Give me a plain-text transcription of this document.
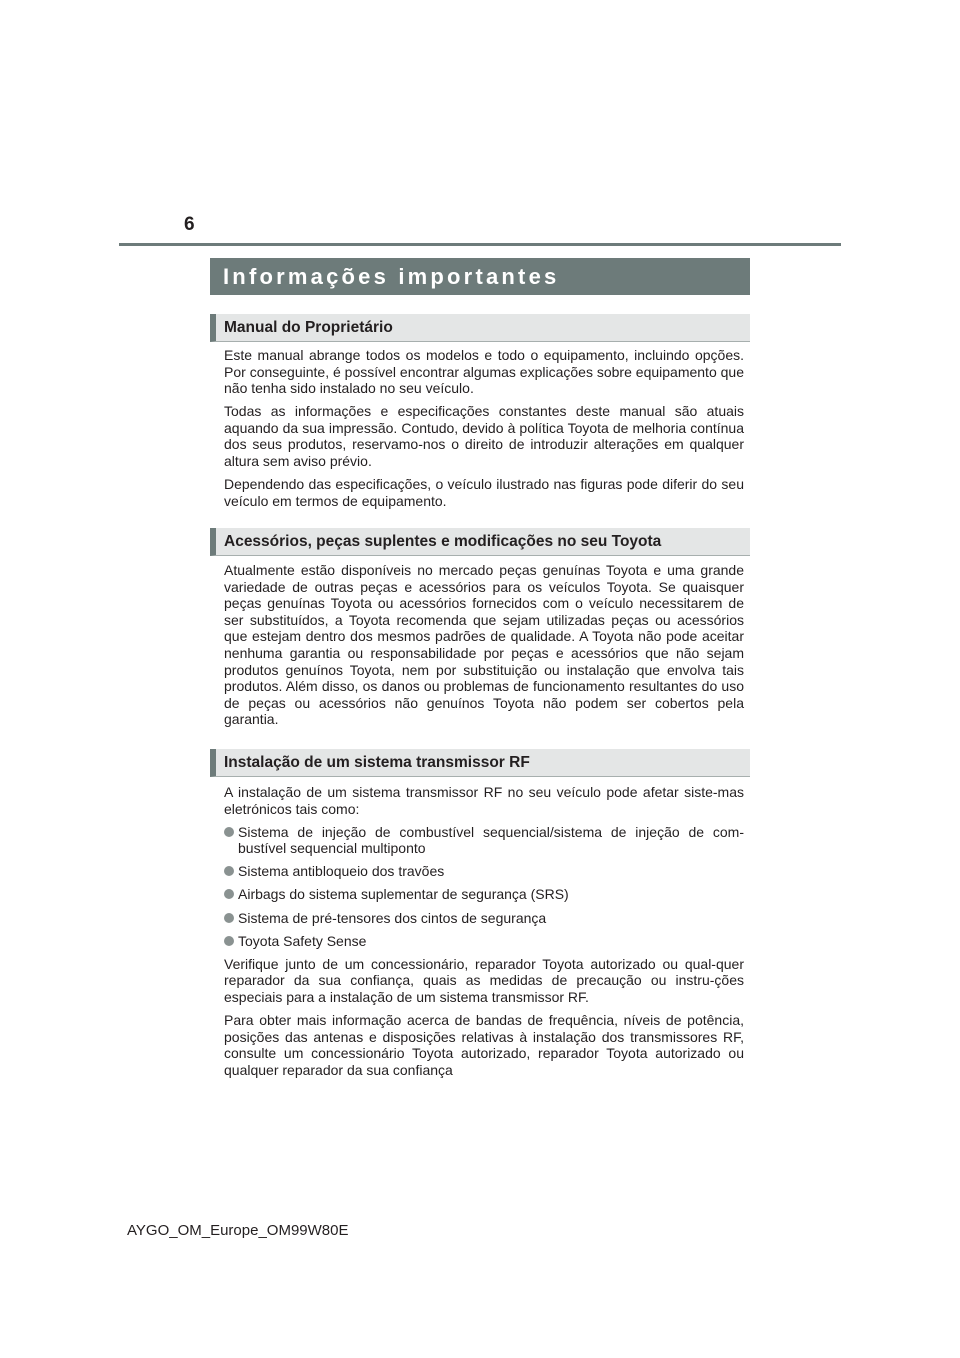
6
Informações importantes
Manual do Proprietário

Este manual abrange todos os modelos e todo o equipamento, incluindo opções. Por conseguinte, é possível encontrar algumas explicações sobre equipamento que não tenha sido instalado no seu veículo.

Todas as informações e especificações constantes deste manual são atuais aquando da sua impressão. Contudo, devido à política Toyota de melhoria contínua dos seus produtos, reservamo-nos o direito de introduzir alterações em qualquer altura sem aviso prévio.

Dependendo das especificações, o veículo ilustrado nas figuras pode diferir do seu veículo em termos de equipamento.

Acessórios, peças suplentes e modificações no seu Toyota

Atualmente estão disponíveis no mercado peças genuínas Toyota e uma grande variedade de outras peças e acessórios para os veículos Toyota. Se quaisquer peças genuínas Toyota ou acessórios fornecidos com o veículo necessitarem de ser substituídos, a Toyota recomenda que sejam utilizadas peças ou acessórios que estejam dentro dos mesmos padrões de qualidade. A Toyota não pode aceitar nenhuma garantia ou responsabilidade por peças e acessórios que não sejam produtos genuínos Toyota, nem por substituição ou instalação que envolva tais produtos. Além disso, os danos ou problemas de funcionamento resultantes do uso de peças ou acessórios não genuínos Toyota não podem ser cobertos pela garantia.

Instalação de um sistema transmissor RF

A instalação de um sistema transmissor RF no seu veículo pode afetar siste-mas eletrónicos tais como:

Sistema de injeção de combustível sequencial/sistema de injeção de com-bustível sequencial multiponto
Sistema antibloqueio dos travões
Airbags do sistema suplementar de segurança (SRS)
Sistema de pré-tensores dos cintos de segurança
Toyota Safety Sense

Verifique junto de um concessionário, reparador Toyota autorizado ou qual-quer reparador da sua confiança, quais as medidas de precaução ou instru-ções especiais para a instalação de um sistema transmissor RF.

Para obter mais informação acerca de bandas de frequência, níveis de potência, posições das antenas e disposições relativas à instalação dos transmissores RF, consulte um concessionário Toyota autorizado, reparador Toyota autorizado ou qualquer reparador da sua confiança

AYGO_OM_Europe_OM99W80E
